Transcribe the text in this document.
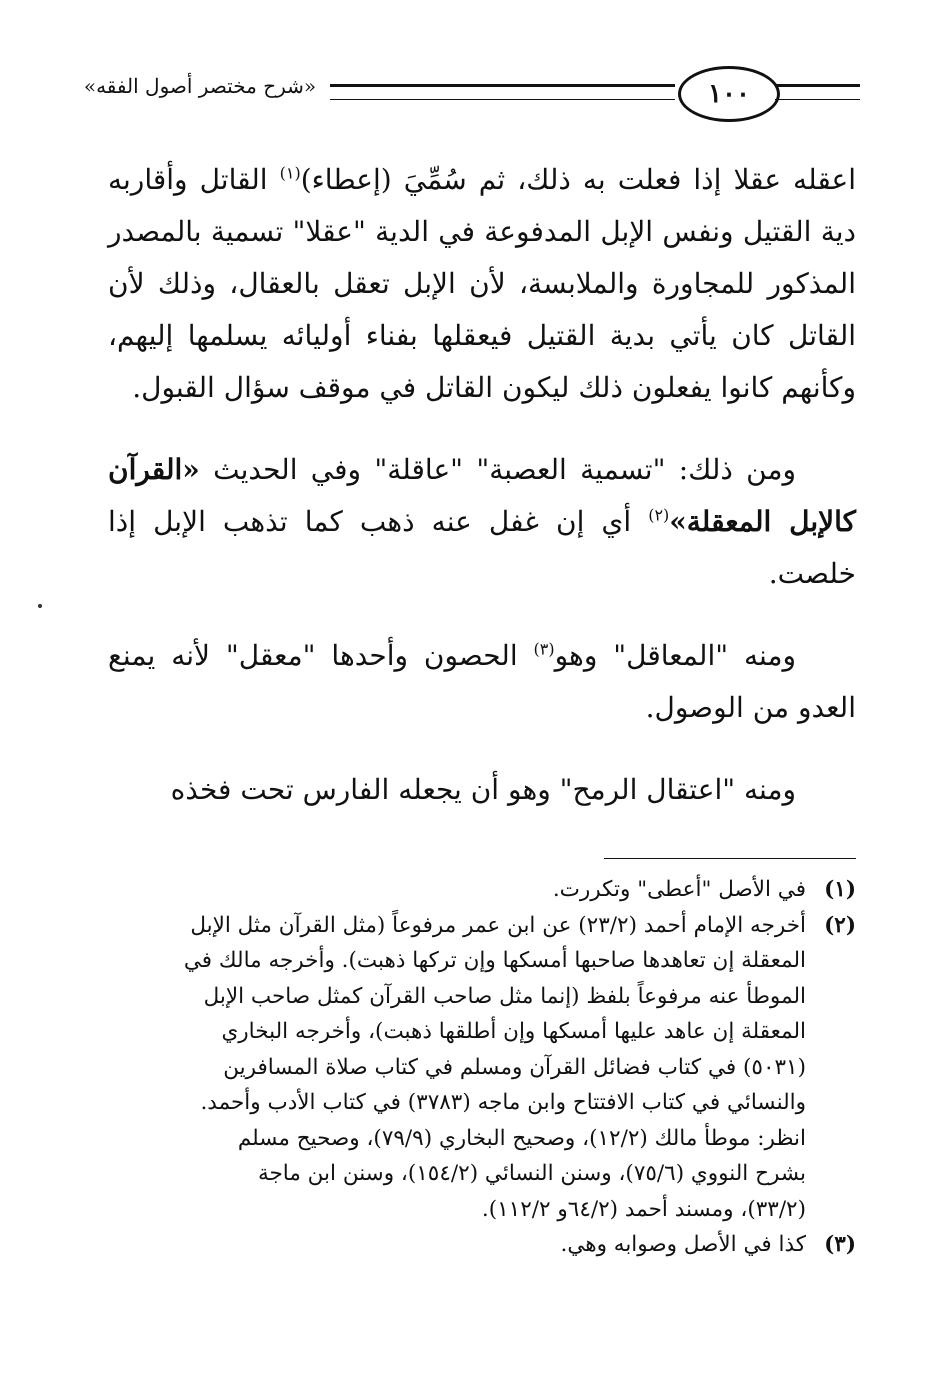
«شرح مختصر أصول الفقه»	١٠٠

اعقله عقلا إذا فعلت به ذلك، ثم سُمِّيَ (إعطاء)$^{(١)}$ القاتل وأقاربه دية القتيل ونفس الإبل المدفوعة في الدية "عقلا" تسمية بالمصدر المذكور للمجاورة والملابسة، لأن الإبل تعقل بالعقال، وذلك لأن القاتل كان يأتي بدية القتيل فيعقلها بفناء أوليائه يسلمها إليهم، وكأنهم كانوا يفعلون ذلك ليكون القاتل في موقف سؤال القبول.

ومن ذلك: "تسمية العصبة" "عاقلة" وفي الحديث «القرآن كالإبل المعقلة»$^{(٢)}$ أي إن غفل عنه ذهب كما تذهب الإبل إذا خلصت.

ومنه "المعاقل" وهو$^{(٣)}$ الحصون وأحدها "معقل" لأنه يمنع العدو من الوصول.

ومنه "اعتقال الرمح" وهو أن يجعله الفارس تحت فخذه

(١)
في الأصل "أعطى" وتكررت.
(٢)
أخرجه الإمام أحمد (٢٣/٢) عن ابن عمر مرفوعاً (مثل القرآن مثل الإبل
المعقلة إن تعاهدها صاحبها أمسكها وإن تركها ذهبت). وأخرجه مالك في
الموطأ عنه مرفوعاً بلفظ (إنما مثل صاحب القرآن كمثل صاحب الإبل
المعقلة إن عاهد عليها أمسكها وإن أطلقها ذهبت)، وأخرجه البخاري
(٥٠٣١) في كتاب فضائل القرآن ومسلم في كتاب صلاة المسافرين
والنسائي في كتاب الافتتاح وابن ماجه (٣٧٨٣) في كتاب الأدب وأحمد.
انظر: موطأ مالك (١٢/٢)، وصحيح البخاري (٧٩/٩)، وصحيح مسلم
بشرح النووي (٧٥/٦)، وسنن النسائي (١٥٤/٢)، وسنن ابن ماجة
(٣٣/٢)، ومسند أحمد (٦٤/٢و ١١٢/٢).
(٣)
كذا في الأصل وصوابه وهي.
